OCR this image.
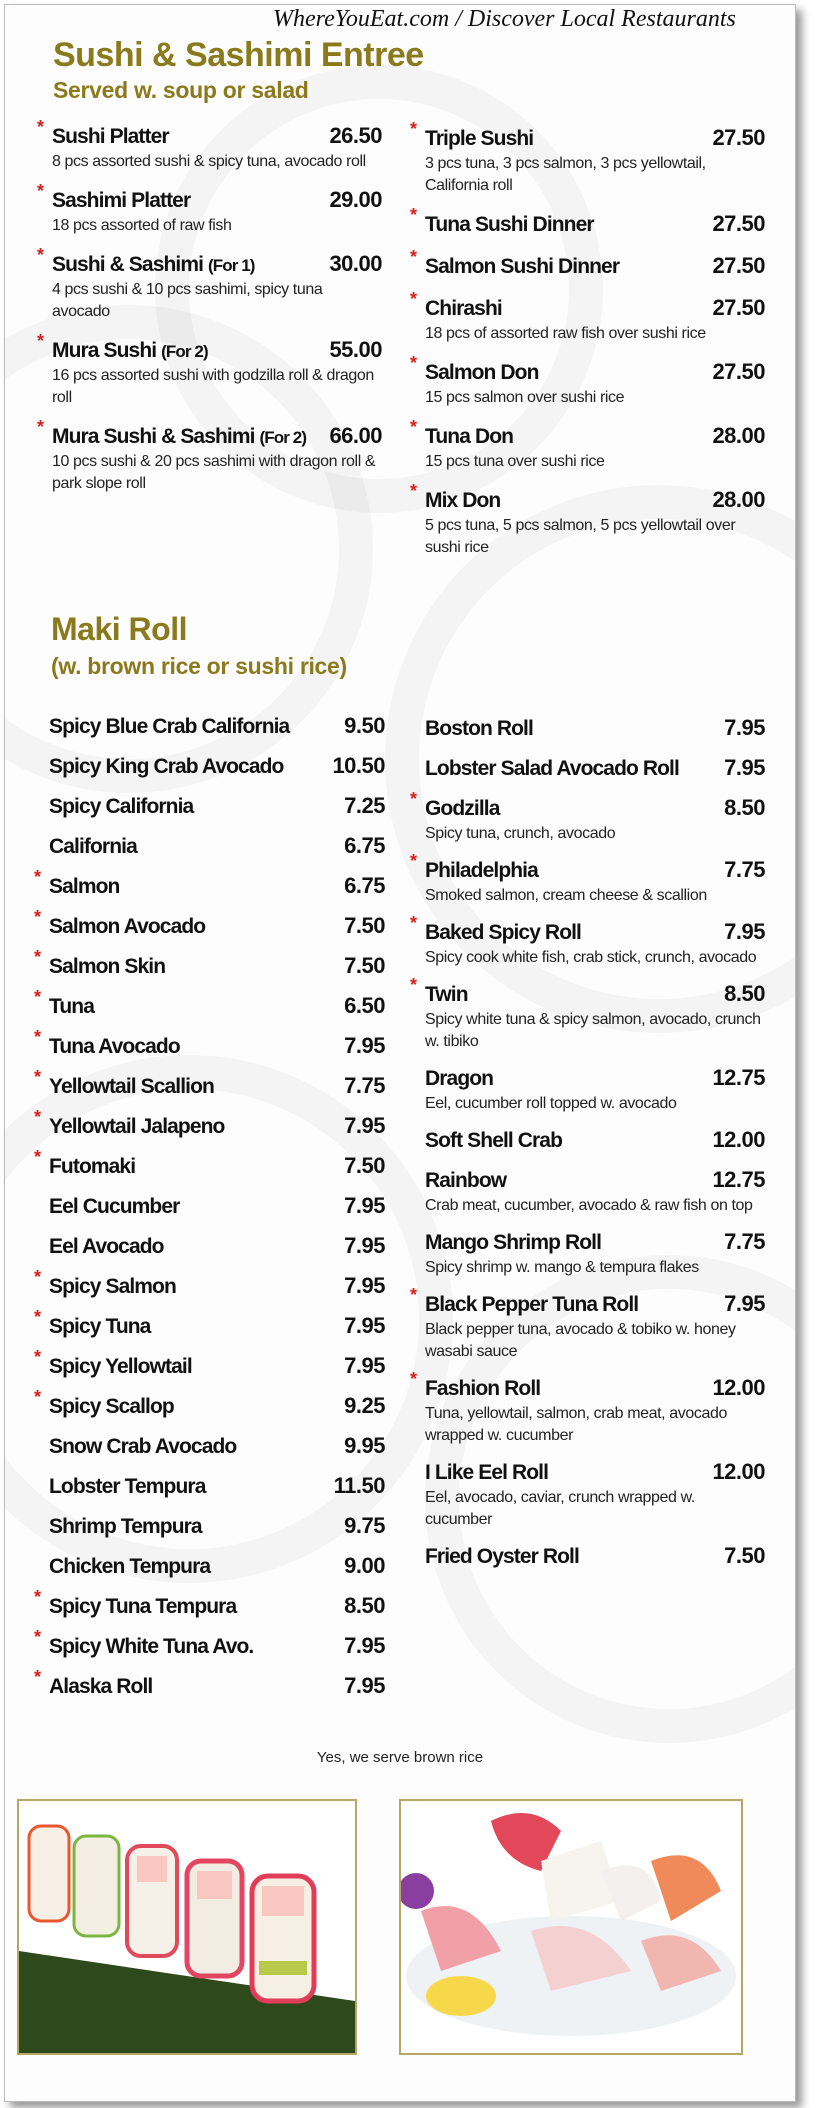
WhereYouEat.com / Discover Local Restaurants
Sushi & Sashimi Entree
Served w. soup or salad
* Sushi Platter	26.50
8 pcs assorted sushi & spicy tuna, avocado roll
* Sashimi Platter	29.00
18 pcs assorted of raw fish
* Sushi & Sashimi (For 1)	30.00
4 pcs sushi & 10 pcs sashimi, spicy tuna avocado
* Mura Sushi (For 2)	55.00
16 pcs assorted sushi with godzilla roll & dragon roll
* Mura Sushi & Sashimi (For 2)	66.00
10 pcs sushi & 20 pcs sashimi with dragon roll & park slope roll
* Triple Sushi	27.50
3 pcs tuna, 3 pcs salmon, 3 pcs yellowtail, California roll
* Tuna Sushi Dinner	27.50
* Salmon Sushi Dinner	27.50
* Chirashi	27.50
18 pcs of assorted raw fish over sushi rice
* Salmon Don	27.50
15 pcs salmon over sushi rice
* Tuna Don	28.00
15 pcs tuna over sushi rice
* Mix Don	28.00
5 pcs tuna, 5 pcs salmon, 5 pcs yellowtail over sushi rice
Maki Roll
(w. brown rice or sushi rice)
Spicy Blue Crab California	9.50
Spicy King Crab Avocado	10.50
Spicy California	7.25
California	6.75
* Salmon	6.75
* Salmon Avocado	7.50
* Salmon Skin	7.50
* Tuna	6.50
* Tuna Avocado	7.95
* Yellowtail Scallion	7.75
* Yellowtail Jalapeno	7.95
* Futomaki	7.50
Eel Cucumber	7.95
Eel Avocado	7.95
* Spicy Salmon	7.95
* Spicy Tuna	7.95
* Spicy Yellowtail	7.95
* Spicy Scallop	9.25
Snow Crab Avocado	9.95
Lobster Tempura	11.50
Shrimp Tempura	9.75
Chicken Tempura	9.00
* Spicy Tuna Tempura	8.50
* Spicy White Tuna Avo.	7.95
* Alaska Roll	7.95
Boston Roll	7.95
Lobster Salad Avocado Roll	7.95
* Godzilla	8.50
Spicy tuna, crunch, avocado
* Philadelphia	7.75
Smoked salmon, cream cheese & scallion
* Baked Spicy Roll	7.95
Spicy cook white fish, crab stick, crunch, avocado
* Twin	8.50
Spicy white tuna & spicy salmon, avocado, crunch w. tibiko
Dragon	12.75
Eel, cucumber roll topped w. avocado
Soft Shell Crab	12.00
Rainbow	12.75
Crab meat, cucumber, avocado & raw fish on top
Mango Shrimp Roll	7.75
Spicy shrimp w. mango & tempura flakes
* Black Pepper Tuna Roll	7.95
Black pepper tuna, avocado & tobiko w. honey wasabi sauce
* Fashion Roll	12.00
Tuna, yellowtail, salmon, crab meat, avocado wrapped w. cucumber
I Like Eel Roll	12.00
Eel, avocado, caviar, crunch wrapped w. cucumber
Fried Oyster Roll	7.50
Yes, we serve brown rice
